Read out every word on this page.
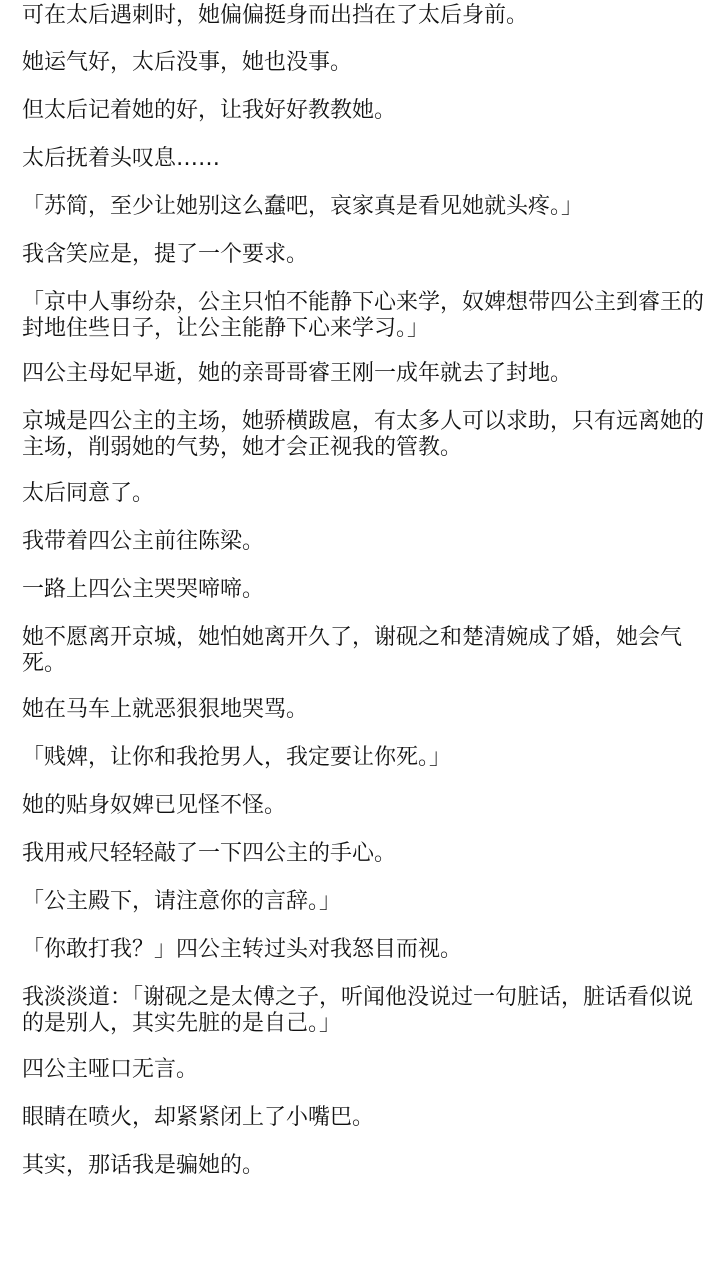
可在太后遇刺时，她偏偏挺身而出挡在了太后身前。

她运气好，太后没事，她也没事。

但太后记着她的好，让我好好教教她。

太后抚着头叹息……

「苏简，至少让她别这么蠢吧，哀家真是看见她就头疼。」

我含笑应是，提了一个要求。

「京中人事纷杂，公主只怕不能静下心来学，奴婢想带四公主到睿王的封地住些日子，让公主能静下心来学习。」

四公主母妃早逝，她的亲哥哥睿王刚一成年就去了封地。

京城是四公主的主场，她骄横跋扈，有太多人可以求助，只有远离她的主场，削弱她的气势，她才会正视我的管教。

太后同意了。

我带着四公主前往陈梁。

一路上四公主哭哭啼啼。

她不愿离开京城，她怕她离开久了，谢砚之和楚清婉成了婚，她会气死。

她在马车上就恶狠狠地哭骂。

「贱婢，让你和我抢男人，我定要让你死。」

她的贴身奴婢已见怪不怪。

我用戒尺轻轻敲了一下四公主的手心。

「公主殿下，请注意你的言辞。」

「你敢打我？」四公主转过头对我怒目而视。

我淡淡道：「谢砚之是太傅之子，听闻他没说过一句脏话，脏话看似说的是别人，其实先脏的是自己。」

四公主哑口无言。

眼睛在喷火，却紧紧闭上了小嘴巴。

其实，那话我是骗她的。
